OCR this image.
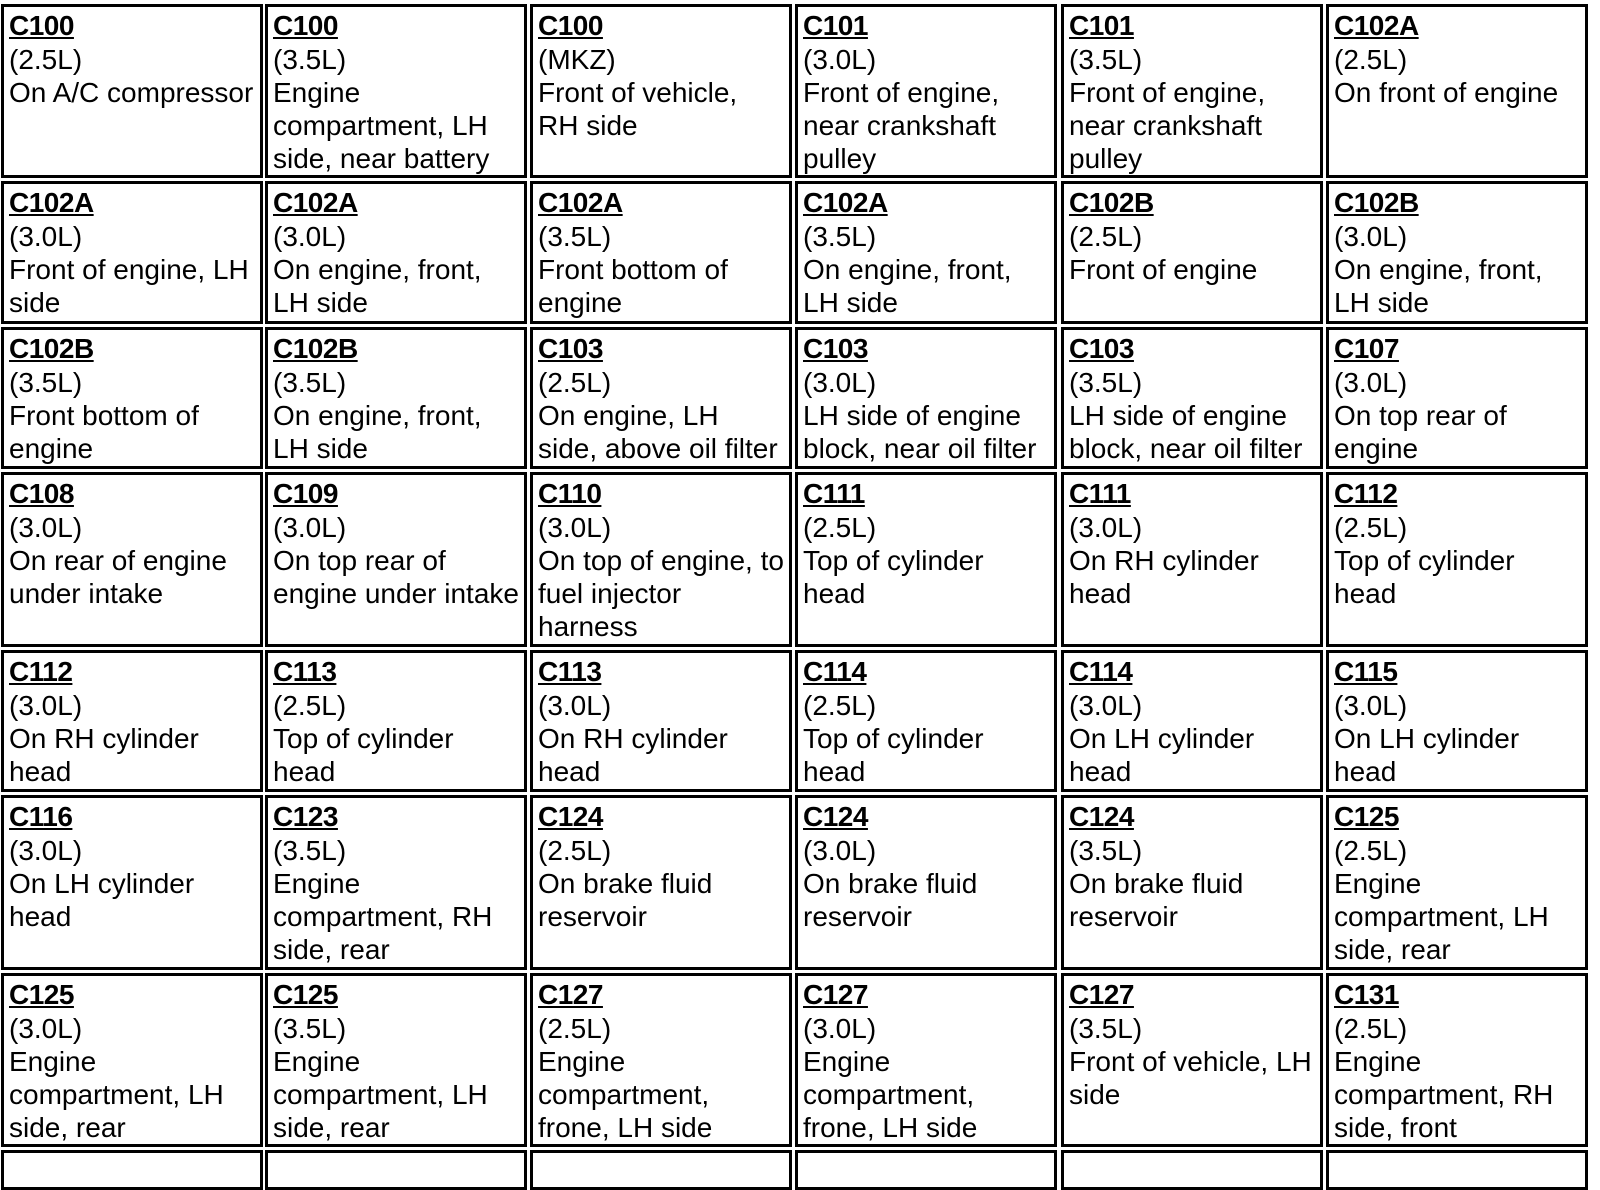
C100
(2.5L)
On A/C compressor
C100
(3.5L)
Engine compartment, LH side, near battery
C100
(MKZ)
Front of vehicle, RH side
C101
(3.0L)
Front of engine, near crankshaft pulley
C101
(3.5L)
Front of engine, near crankshaft pulley
C102A
(2.5L)
On front of engine
C102A
(3.0L)
Front of engine, LH side
C102A
(3.0L)
On engine, front, LH side
C102A
(3.5L)
Front bottom of engine
C102A
(3.5L)
On engine, front, LH side
C102B
(2.5L)
Front of engine
C102B
(3.0L)
On engine, front, LH side
C102B
(3.5L)
Front bottom of engine
C102B
(3.5L)
On engine, front, LH side
C103
(2.5L)
On engine, LH side, above oil filter
C103
(3.0L)
LH side of engine block, near oil filter
C103
(3.5L)
LH side of engine block, near oil filter
C107
(3.0L)
On top rear of engine
C108
(3.0L)
On rear of engine under intake
C109
(3.0L)
On top rear of engine under intake
C110
(3.0L)
On top of engine, to fuel injector harness
C111
(2.5L)
Top of cylinder head
C111
(3.0L)
On RH cylinder head
C112
(2.5L)
Top of cylinder head
C112
(3.0L)
On RH cylinder head
C113
(2.5L)
Top of cylinder head
C113
(3.0L)
On RH cylinder head
C114
(2.5L)
Top of cylinder head
C114
(3.0L)
On LH cylinder head
C115
(3.0L)
On LH cylinder head
C116
(3.0L)
On LH cylinder head
C123
(3.5L)
Engine compartment, RH side, rear
C124
(2.5L)
On brake fluid reservoir
C124
(3.0L)
On brake fluid reservoir
C124
(3.5L)
On brake fluid reservoir
C125
(2.5L)
Engine compartment, LH side, rear
C125
(3.0L)
Engine compartment, LH side, rear
C125
(3.5L)
Engine compartment, LH side, rear
C127
(2.5L)
Engine compartment, frone, LH side
C127
(3.0L)
Engine compartment, frone, LH side
C127
(3.5L)
Front of vehicle, LH side
C131
(2.5L)
Engine compartment, RH side, front
